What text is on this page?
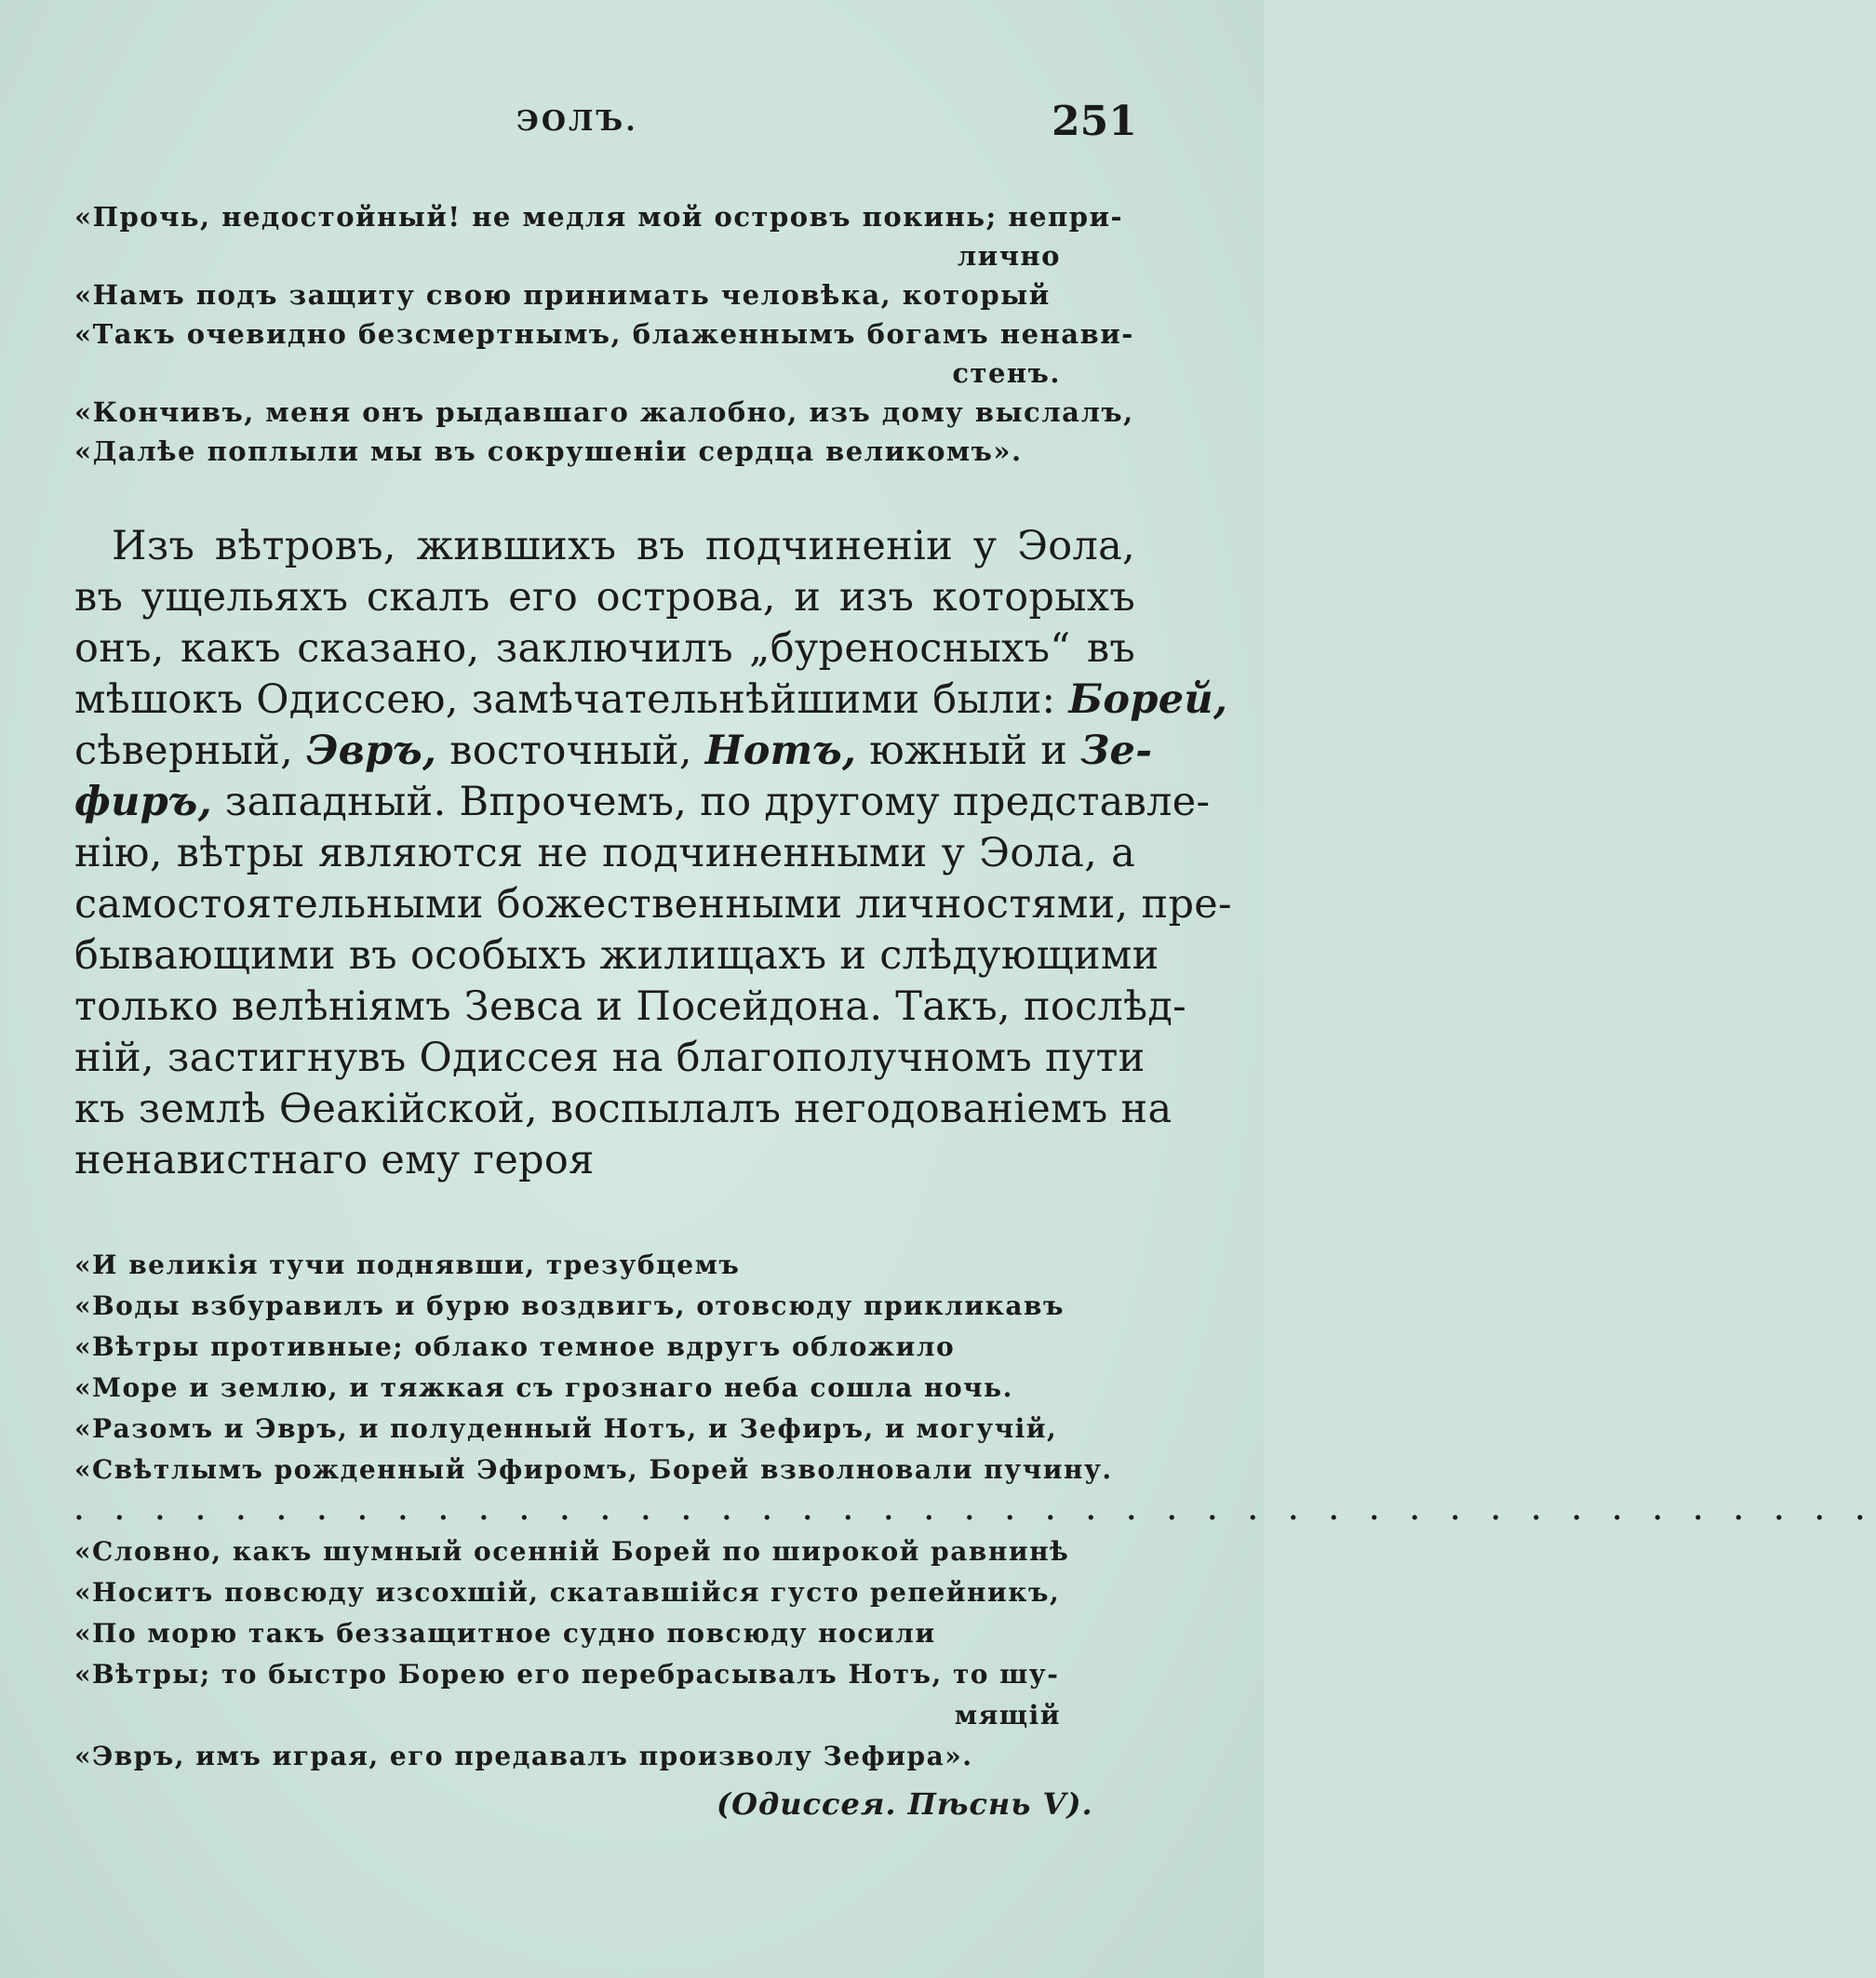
ЭОЛЪ.	251
«Прочь, недостойный! не медля мой островъ покинь; непри-
лично
«Намъ подъ защиту свою принимать человѣка, который
«Такъ очевидно безсмертнымъ, блаженнымъ богамъ ненави-
стенъ.
«Кончивъ, меня онъ рыдавшаго жалобно, изъ дому выслалъ,
«Далѣе поплыли мы въ сокрушеніи сердца великомъ».
Изъ вѣтровъ, жившихъ въ подчиненіи у Эола,
въ ущельяхъ скалъ его острова, и изъ которыхъ
онъ, какъ сказано, заключилъ „буреносныхъ“ въ
мѣшокъ Одиссею, замѣчательнѣйшими были: Борей,
сѣверный, Эвръ, восточный, Нотъ, южный и Зе-
фиръ, западный. Впрочемъ, по другому представле-
нію, вѣтры являются не подчиненными у Эола, а
самостоятельными божественными личностями, пре-
бывающими въ особыхъ жилищахъ и слѣдующими
только велѣніямъ Зевса и Посейдона. Такъ, послѣд-
ній, застигнувъ Одиссея на благополучномъ пути
къ землѣ Ѳеакійской, воспылалъ негодованіемъ на
ненавистнаго ему героя
«И великія тучи поднявши, трезубцемъ
«Воды взбуравилъ и бурю воздвигъ, отовсюду прикликавъ
«Вѣтры противные; облако темное вдругъ обложило
«Море и землю, и тяжкая съ грознаго неба сошла ночь.
«Разомъ и Эвръ, и полуденный Нотъ, и Зефиръ, и могучій,
«Свѣтлымъ рожденный Эфиромъ, Борей взволновали пучину.
. . . . . . . . . . . . . . . . . . . . . . . . . . . . . . . . . . . . . . . . . . . . .
«Словно, какъ шумный осенній Борей по широкой равнинѣ
«Носитъ повсюду изсохшій, скатавшійся густо репейникъ,
«По морю такъ беззащитное судно повсюду носили
«Вѣтры; то быстро Борею его перебрасывалъ Нотъ, то шу-
мящій
«Эвръ, имъ играя, его предавалъ произволу Зефира».
(Одиссея. Пѣснь V).
